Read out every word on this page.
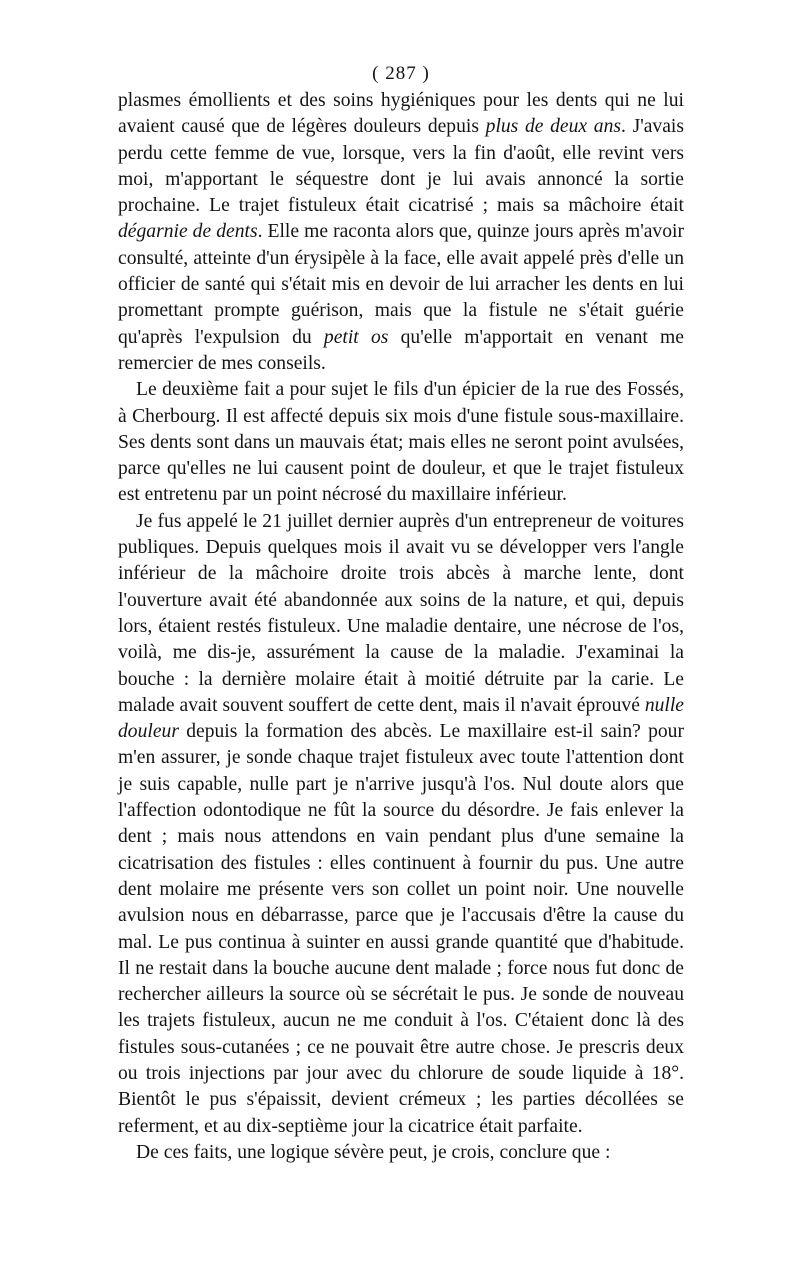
( 287 )

plasmes émollients et des soins hygiéniques pour les dents qui ne lui avaient causé que de légères douleurs depuis plus de deux ans. J'avais perdu cette femme de vue, lorsque, vers la fin d'août, elle revint vers moi, m'apportant le séquestre dont je lui avais annoncé la sortie prochaine. Le trajet fistuleux était cicatrisé ; mais sa mâchoire était dégarnie de dents. Elle me raconta alors que, quinze jours après m'avoir consulté, atteinte d'un érysipèle à la face, elle avait appelé près d'elle un officier de santé qui s'était mis en devoir de lui arracher les dents en lui promettant prompte guérison, mais que la fistule ne s'était guérie qu'après l'expulsion du petit os qu'elle m'apportait en venant me remercier de mes conseils.

Le deuxième fait a pour sujet le fils d'un épicier de la rue des Fossés, à Cherbourg. Il est affecté depuis six mois d'une fistule sous-maxillaire. Ses dents sont dans un mauvais état; mais elles ne seront point avulsées, parce qu'elles ne lui causent point de douleur, et que le trajet fistuleux est entretenu par un point nécrosé du maxillaire inférieur.

Je fus appelé le 21 juillet dernier auprès d'un entrepreneur de voitures publiques. Depuis quelques mois il avait vu se développer vers l'angle inférieur de la mâchoire droite trois abcès à marche lente, dont l'ouverture avait été abandonnée aux soins de la nature, et qui, depuis lors, étaient restés fistuleux. Une maladie dentaire, une nécrose de l'os, voilà, me dis-je, assurément la cause de la maladie. J'examinai la bouche : la dernière molaire était à moitié détruite par la carie. Le malade avait souvent souffert de cette dent, mais il n'avait éprouvé nulle douleur depuis la formation des abcès. Le maxillaire est-il sain? pour m'en assurer, je sonde chaque trajet fistuleux avec toute l'attention dont je suis capable, nulle part je n'arrive jusqu'à l'os. Nul doute alors que l'affection odontodique ne fût la source du désordre. Je fais enlever la dent ; mais nous attendons en vain pendant plus d'une semaine la cicatrisation des fistules : elles continuent à fournir du pus. Une autre dent molaire me présente vers son collet un point noir. Une nouvelle avulsion nous en débarrasse, parce que je l'accusais d'être la cause du mal. Le pus continua à suinter en aussi grande quantité que d'habitude. Il ne restait dans la bouche aucune dent malade ; force nous fut donc de rechercher ailleurs la source où se sécrétait le pus. Je sonde de nouveau les trajets fistuleux, aucun ne me conduit à l'os. C'étaient donc là des fistules sous-cutanées ; ce ne pouvait être autre chose. Je prescris deux ou trois injections par jour avec du chlorure de soude liquide à 18°. Bientôt le pus s'épaissit, devient crémeux ; les parties décollées se referment, et au dix-septième jour la cicatrice était parfaite.

De ces faits, une logique sévère peut, je crois, conclure que :
